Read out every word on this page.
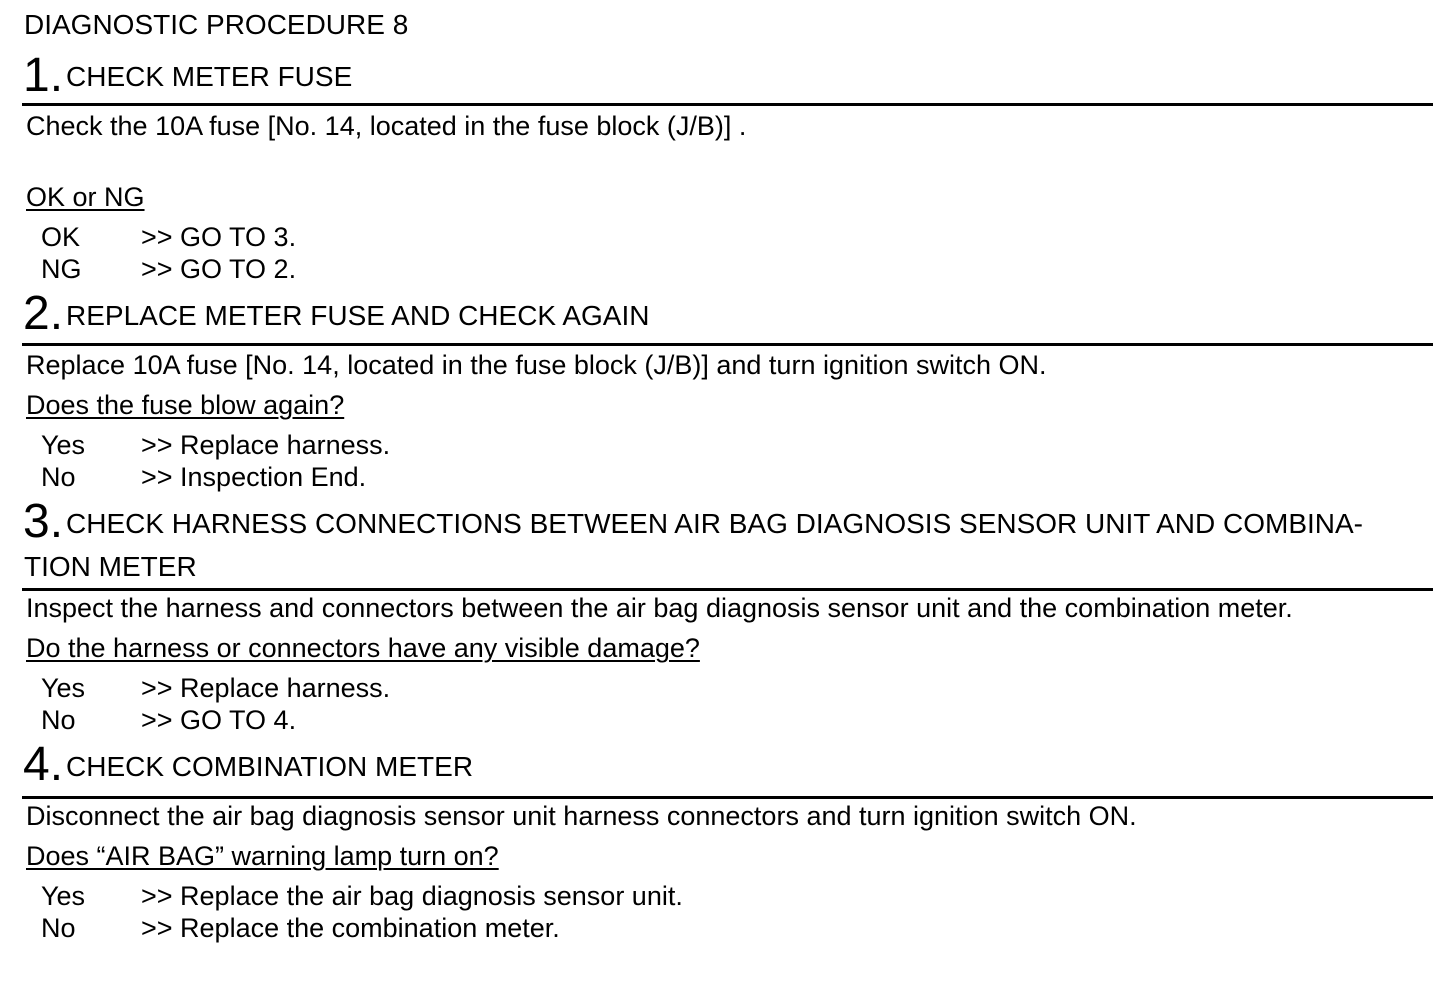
DIAGNOSTIC PROCEDURE 8
1. CHECK METER FUSE
Check the 10A fuse [No. 14, located in the fuse block (J/B)] .
OK or NG
OK >> GO TO 3.
NG >> GO TO 2.
2. REPLACE METER FUSE AND CHECK AGAIN
Replace 10A fuse [No. 14, located in the fuse block (J/B)] and turn ignition switch ON.
Does the fuse blow again?
Yes >> Replace harness.
No >> Inspection End.
3. CHECK HARNESS CONNECTIONS BETWEEN AIR BAG DIAGNOSIS SENSOR UNIT AND COMBINA-
TION METER
Inspect the harness and connectors between the air bag diagnosis sensor unit and the combination meter.
Do the harness or connectors have any visible damage?
Yes >> Replace harness.
No >> GO TO 4.
4. CHECK COMBINATION METER
Disconnect the air bag diagnosis sensor unit harness connectors and turn ignition switch ON.
Does “AIR BAG” warning lamp turn on?
Yes >> Replace the air bag diagnosis sensor unit.
No >> Replace the combination meter.
